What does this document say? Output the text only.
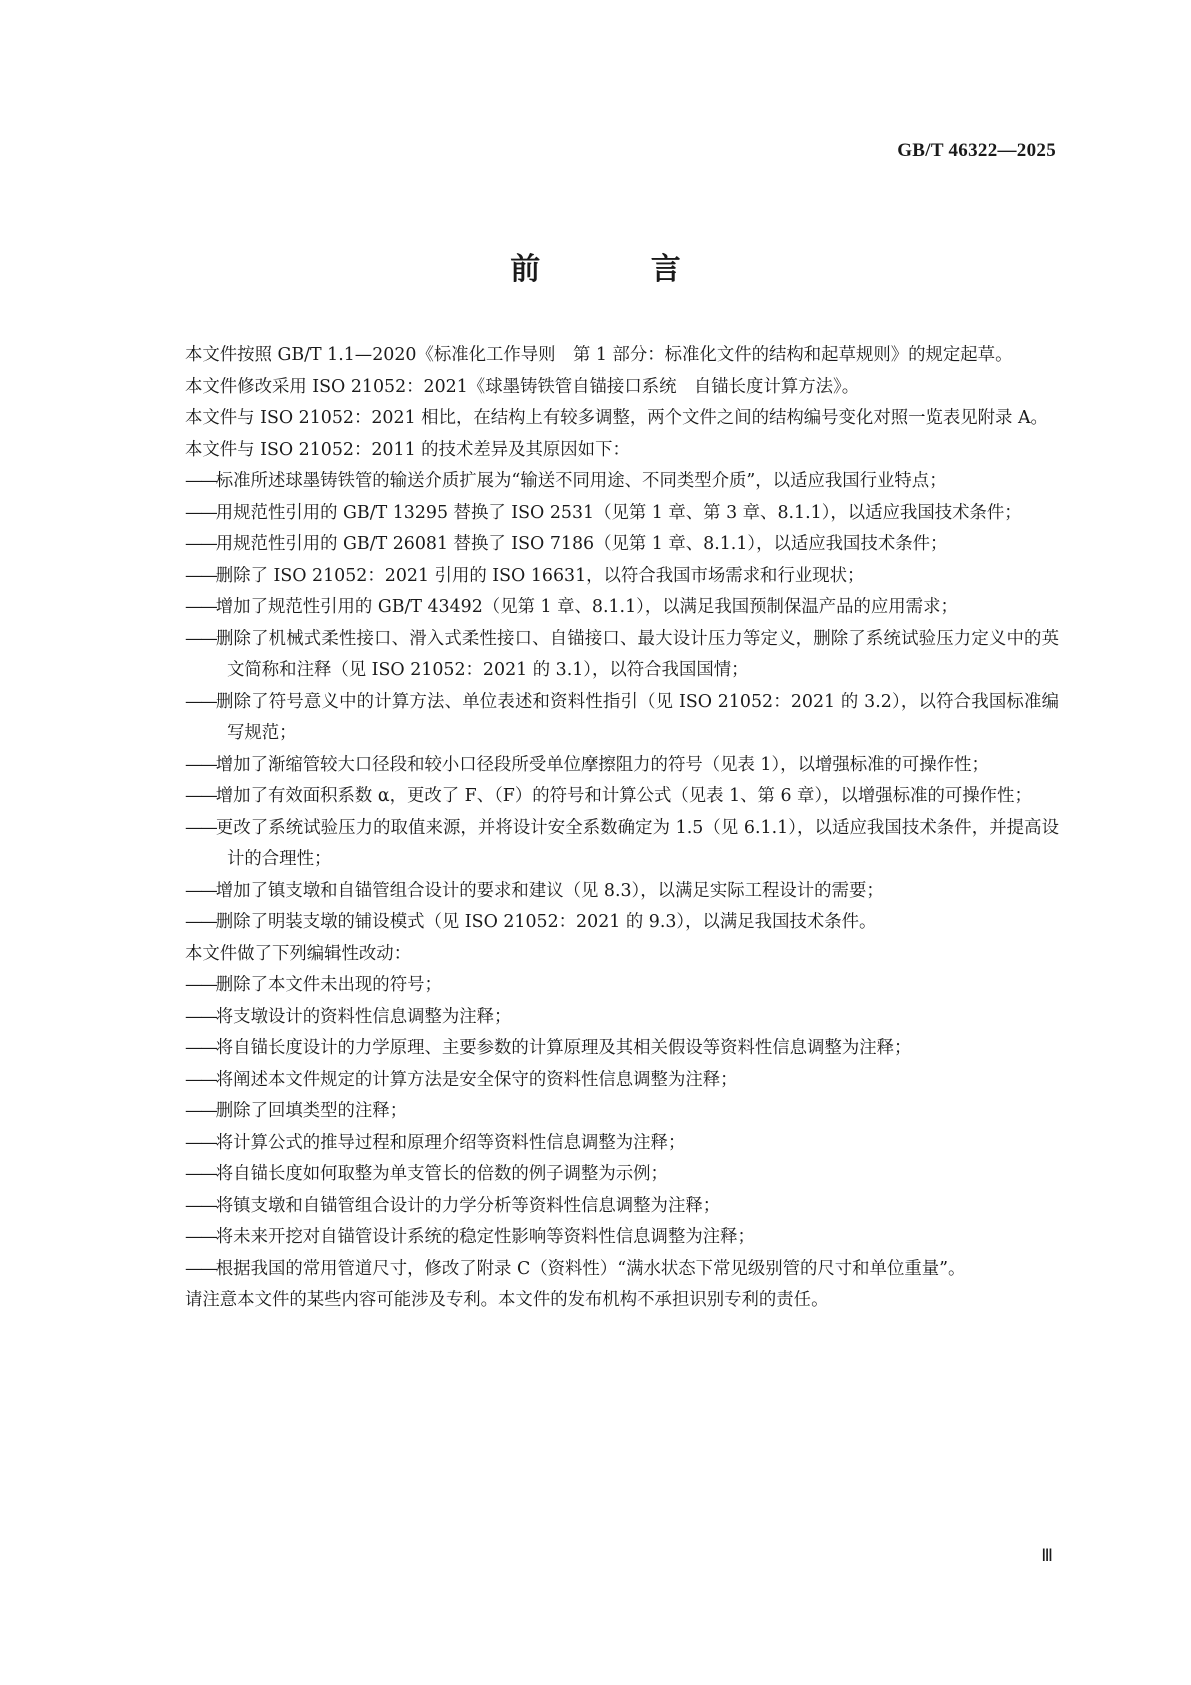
GB/T 46322—2025
前 言

本文件按照 GB/T 1.1—2020《标准化工作导则　第 1 部分：标准化文件的结构和起草规则》的规定起草。

本文件修改采用 ISO 21052：2021《球墨铸铁管自锚接口系统　自锚长度计算方法》。

本文件与 ISO 21052：2021 相比，在结构上有较多调整，两个文件之间的结构编号变化对照一览表见附录 A。

本文件与 ISO 21052：2011 的技术差异及其原因如下：

——标准所述球墨铸铁管的输送介质扩展为“输送不同用途、不同类型介质”，以适应我国行业特点；

——用规范性引用的 GB/T 13295 替换了 ISO 2531（见第 1 章、第 3 章、8.1.1），以适应我国技术条件；

——用规范性引用的 GB/T 26081 替换了 ISO 7186（见第 1 章、8.1.1），以适应我国技术条件；

——删除了 ISO 21052：2021 引用的 ISO 16631，以符合我国市场需求和行业现状；

——增加了规范性引用的 GB/T 43492（见第 1 章、8.1.1），以满足我国预制保温产品的应用需求；

——删除了机械式柔性接口、滑入式柔性接口、自锚接口、最大设计压力等定义，删除了系统试验压力定义中的英文简称和注释（见 ISO 21052：2021 的 3.1），以符合我国国情；

——删除了符号意义中的计算方法、单位表述和资料性指引（见 ISO 21052：2021 的 3.2），以符合我国标准编写规范；

——增加了渐缩管较大口径段和较小口径段所受单位摩擦阻力的符号（见表 1），以增强标准的可操作性；

——增加了有效面积系数 α，更改了 F、（F）的符号和计算公式（见表 1、第 6 章），以增强标准的可操作性；

——更改了系统试验压力的取值来源，并将设计安全系数确定为 1.5（见 6.1.1），以适应我国技术条件，并提高设计的合理性；

——增加了镇支墩和自锚管组合设计的要求和建议（见 8.3），以满足实际工程设计的需要；

——删除了明装支墩的铺设模式（见 ISO 21052：2021 的 9.3），以满足我国技术条件。

本文件做了下列编辑性改动：

——删除了本文件未出现的符号；

——将支墩设计的资料性信息调整为注释；

——将自锚长度设计的力学原理、主要参数的计算原理及其相关假设等资料性信息调整为注释；

——将阐述本文件规定的计算方法是安全保守的资料性信息调整为注释；

——删除了回填类型的注释；

——将计算公式的推导过程和原理介绍等资料性信息调整为注释；

——将自锚长度如何取整为单支管长的倍数的例子调整为示例；

——将镇支墩和自锚管组合设计的力学分析等资料性信息调整为注释；

——将未来开挖对自锚管设计系统的稳定性影响等资料性信息调整为注释；

——根据我国的常用管道尺寸，修改了附录 C（资料性）“满水状态下常见级别管的尺寸和单位重量”。

请注意本文件的某些内容可能涉及专利。本文件的发布机构不承担识别专利的责任。

Ⅲ
